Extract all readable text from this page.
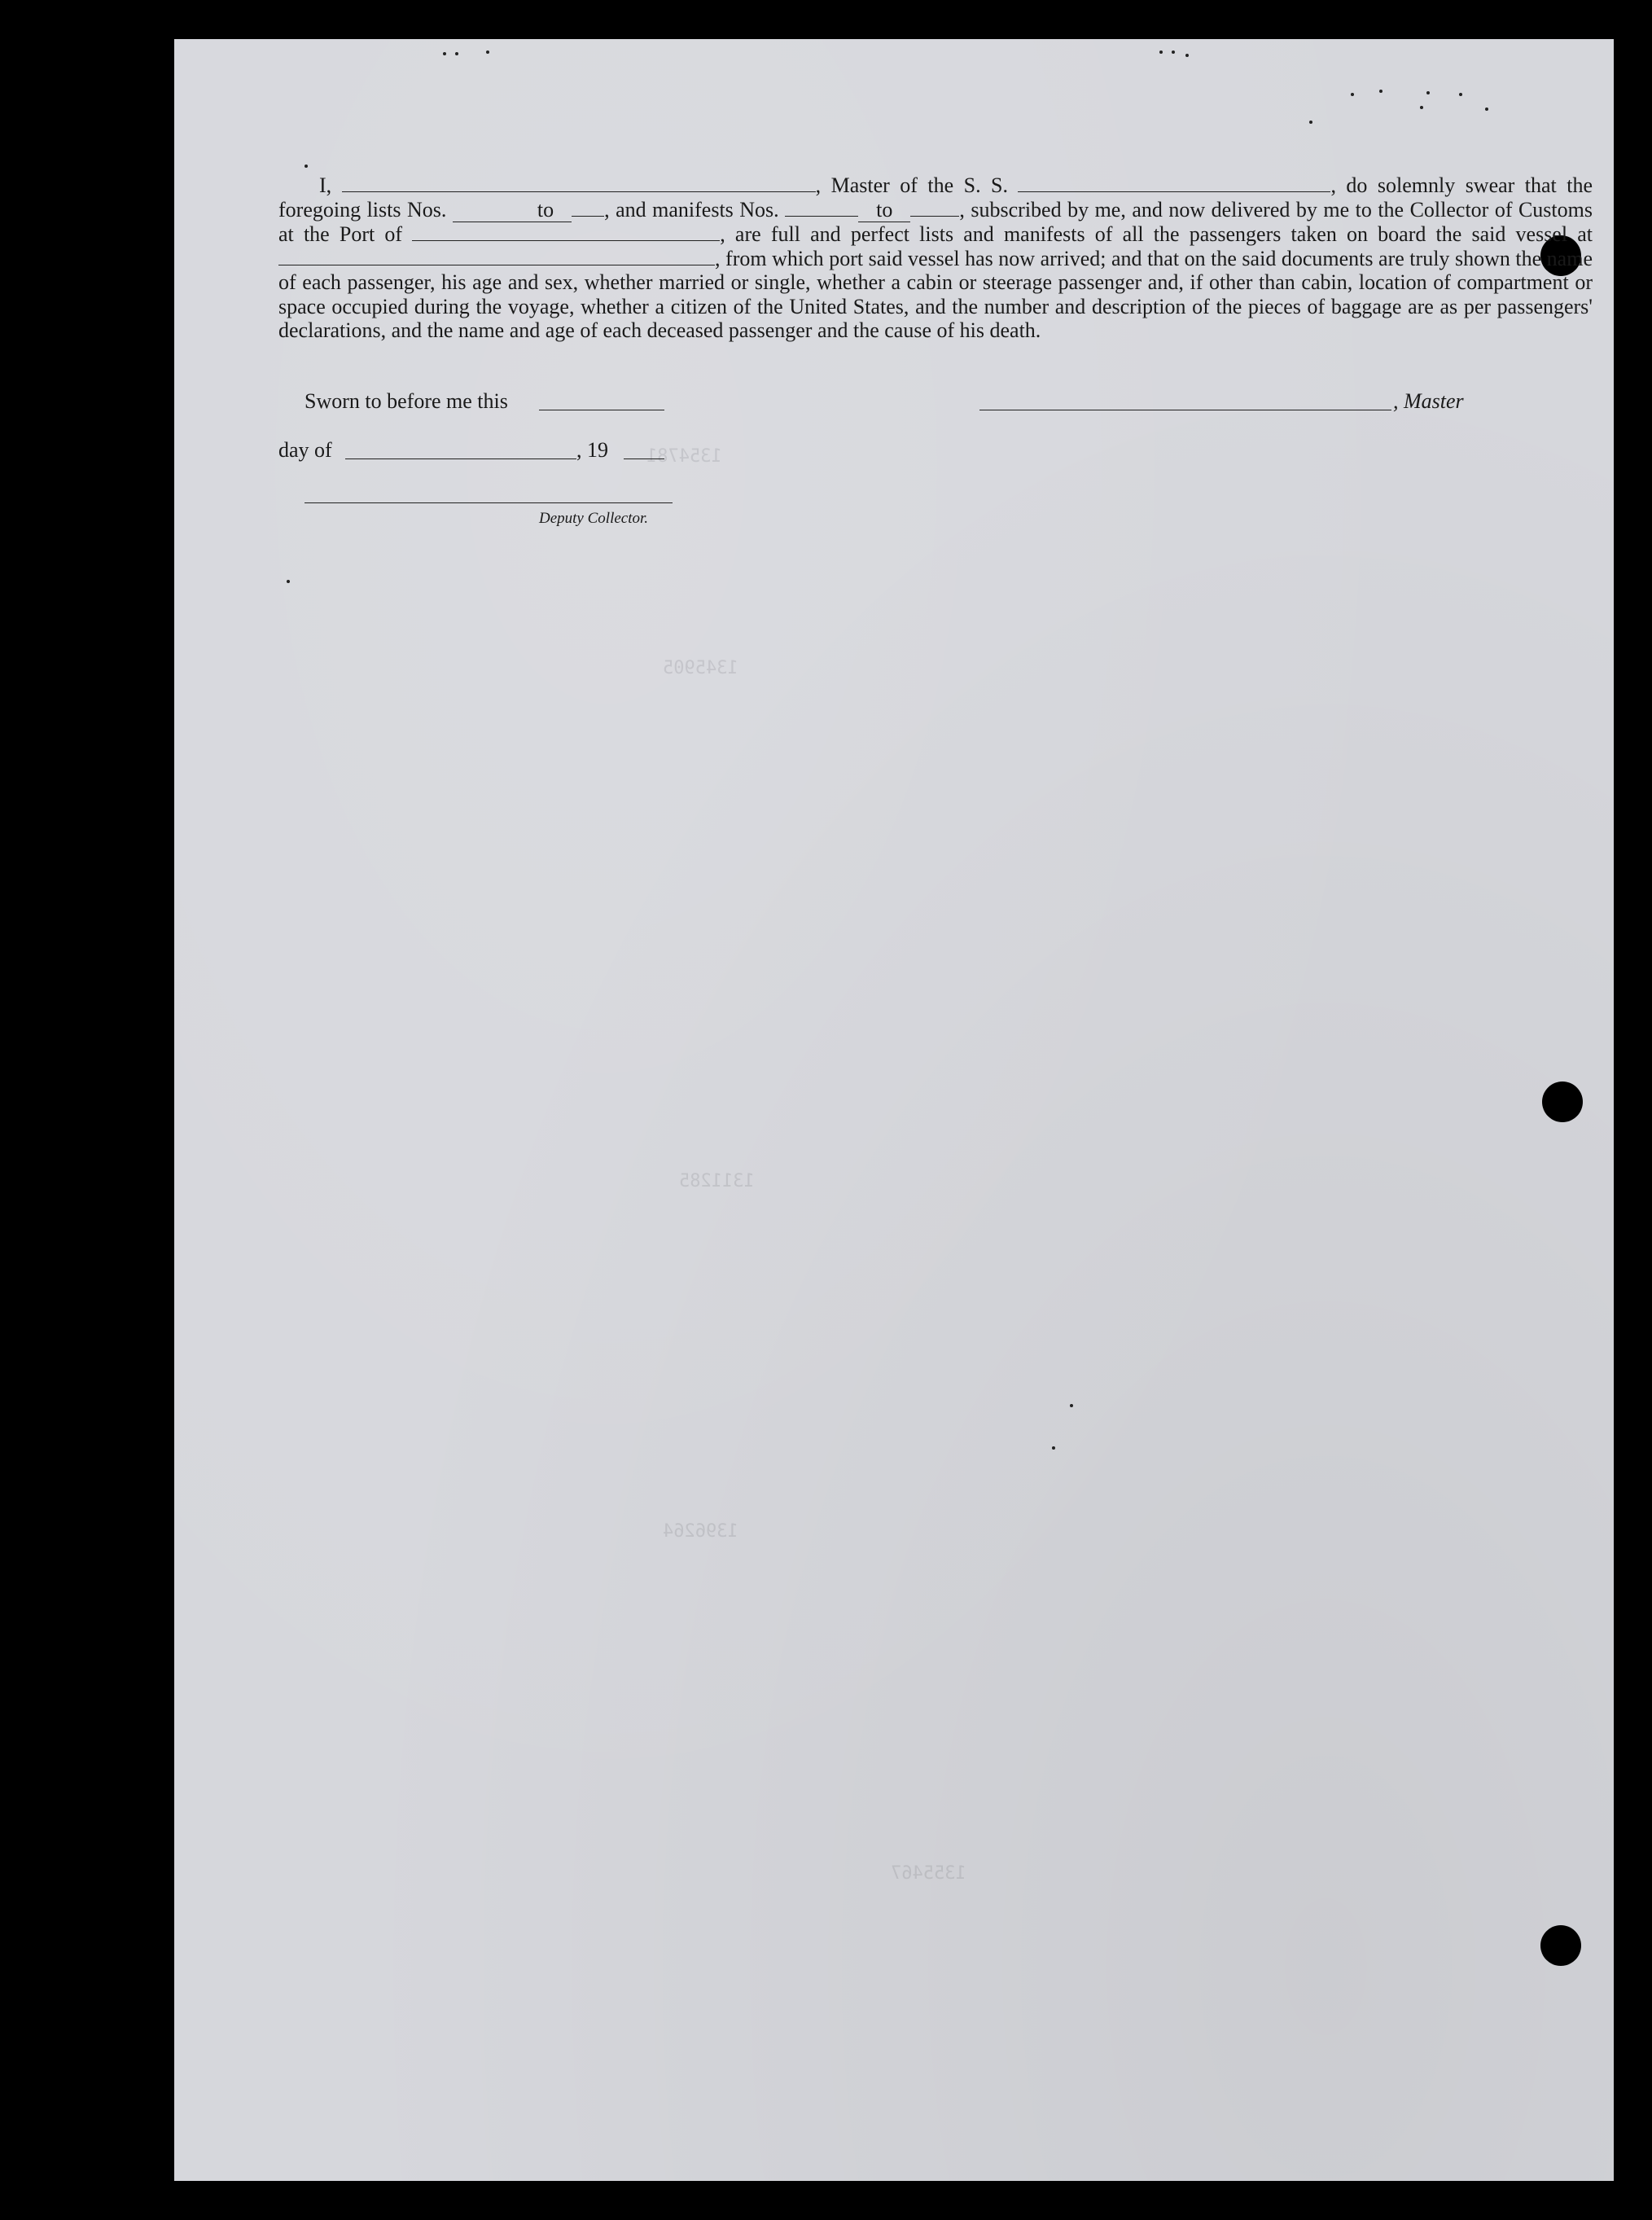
1354781
1345905
1311285
1396264
1355467
I,	, Master of the S. S.	, do solemnly swear that the foregoing lists Nos.	to , and manifests Nos.	to	, subscribed by me, and now delivered by me to the Collector of Customs at the Port of	, are full and perfect lists and manifests of all the passengers taken on board the said vessel at , from which port said vessel has now arrived; and that on the said documents are truly shown the name of each passenger, his age and sex, whether married or single, whether a cabin or steerage passenger and, if other than cabin, location of compartment or space occupied during the voyage, whether a citizen of the United States, and the number and description of the pieces of baggage are as per passengers' declarations, and the name and age of each deceased passenger and the cause of his death.
Sworn to before me this	, Master
day of	, 19
Deputy Collector.
